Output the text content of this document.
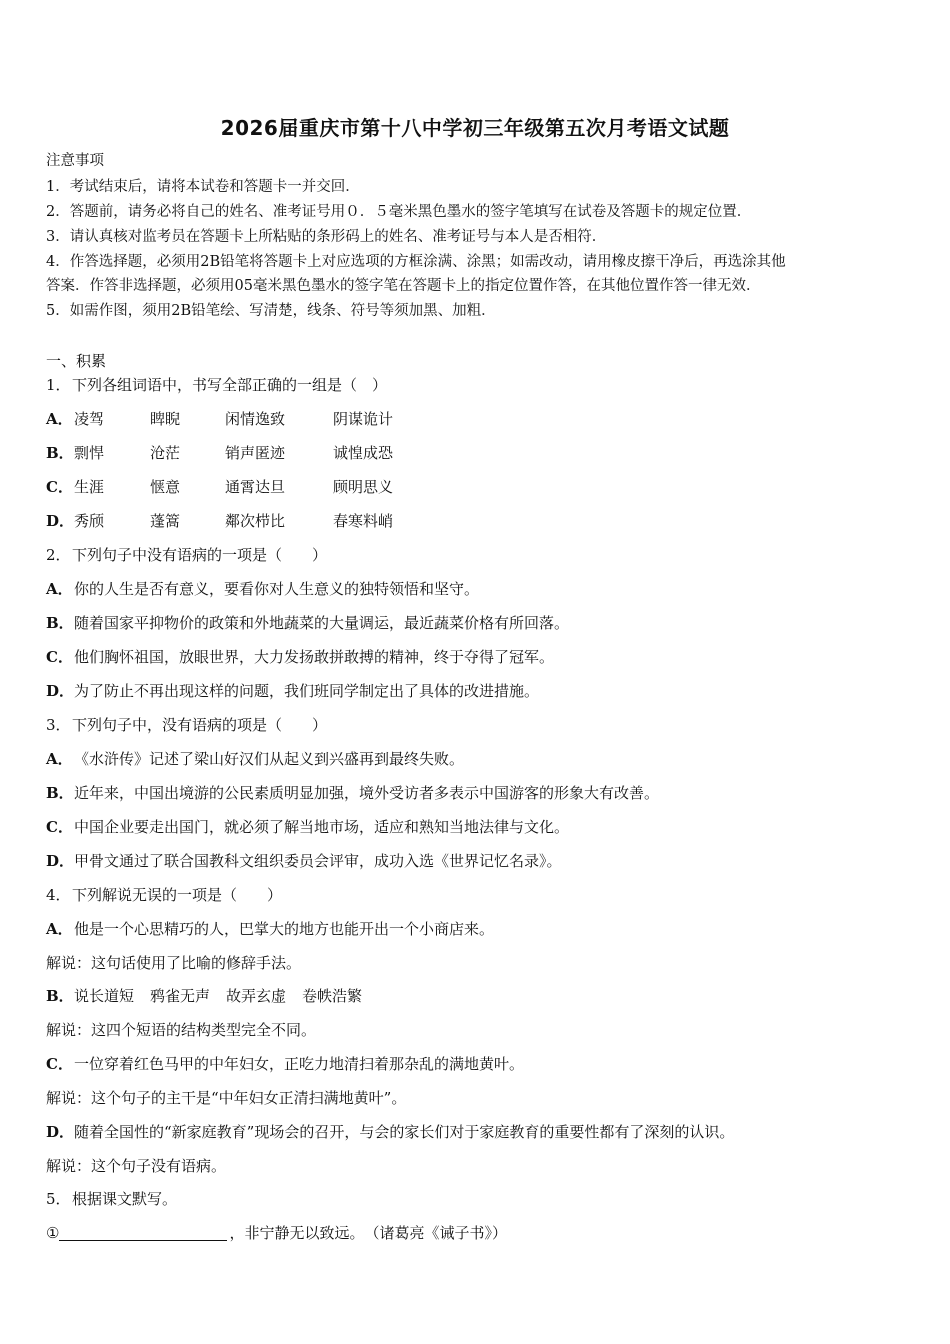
2026届重庆市第十八中学初三年级第五次月考语文试题
注意事项
1．考试结束后，请将本试卷和答题卡一并交回．
2．答题前，请务必将自己的姓名、准考证号用０．５毫米黑色墨水的签字笔填写在试卷及答题卡的规定位置．
3．请认真核对监考员在答题卡上所粘贴的条形码上的姓名、准考证号与本人是否相符．
4．作答选择题，必须用2B铅笔将答题卡上对应选项的方框涂满、涂黑；如需改动，请用橡皮擦干净后，再选涂其他
答案．作答非选择题，必须用05毫米黑色墨水的签字笔在答题卡上的指定位置作答，在其他位置作答一律无效．
5．如需作图，须用2B铅笔绘、写清楚，线条、符号等须加黑、加粗．
一、积累
1．下列各组词语中，书写全部正确的一组是（　）
A．凌驾	睥睨	闲情逸致	阴谋诡计
B．剽悍	沧茫	销声匿迹	诚惶成恐
C．生涯	惬意	通霄达旦	顾明思义
D．秀颀	蓬篙	鄰次栉比	春寒料峭
2．下列句子中没有语病的一项是（　　）
A．你的人生是否有意义，要看你对人生意义的独特领悟和坚守。
B．随着国家平抑物价的政策和外地蔬菜的大量调运，最近蔬菜价格有所回落。
C．他们胸怀祖国，放眼世界，大力发扬敢拼敢搏的精神，终于夺得了冠军。
D．为了防止不再出现这样的问题，我们班同学制定出了具体的改进措施。
3．下列句子中，没有语病的项是（　　）
A．《水浒传》记述了梁山好汉们从起义到兴盛再到最终失败。
B．近年来，中国出境游的公民素质明显加强，境外受访者多表示中国游客的形象大有改善。
C．中国企业要走出国门，就必须了解当地市场，适应和熟知当地法律与文化。
D．甲骨文通过了联合国教科文组织委员会评审，成功入选《世界记忆名录》。
4．下列解说无误的一项是（　　）
A．他是一个心思精巧的人，巴掌大的地方也能开出一个小商店来。
解说：这句话使用了比喻的修辞手法。
B．说长道短 鸦雀无声 故弄玄虚 卷帙浩繁
解说：这四个短语的结构类型完全不同。
C．一位穿着红色马甲的中年妇女，正吃力地清扫着那杂乱的满地黄叶。
解说：这个句子的主干是“中年妇女正清扫满地黄叶”。
D．随着全国性的“新家庭教育”现场会的召开，与会的家长们对于家庭教育的重要性都有了深刻的认识。
解说：这个句子没有语病。
5．根据课文默写。
①	，非宁静无以致远。　（诸葛亮《诫子书》）
